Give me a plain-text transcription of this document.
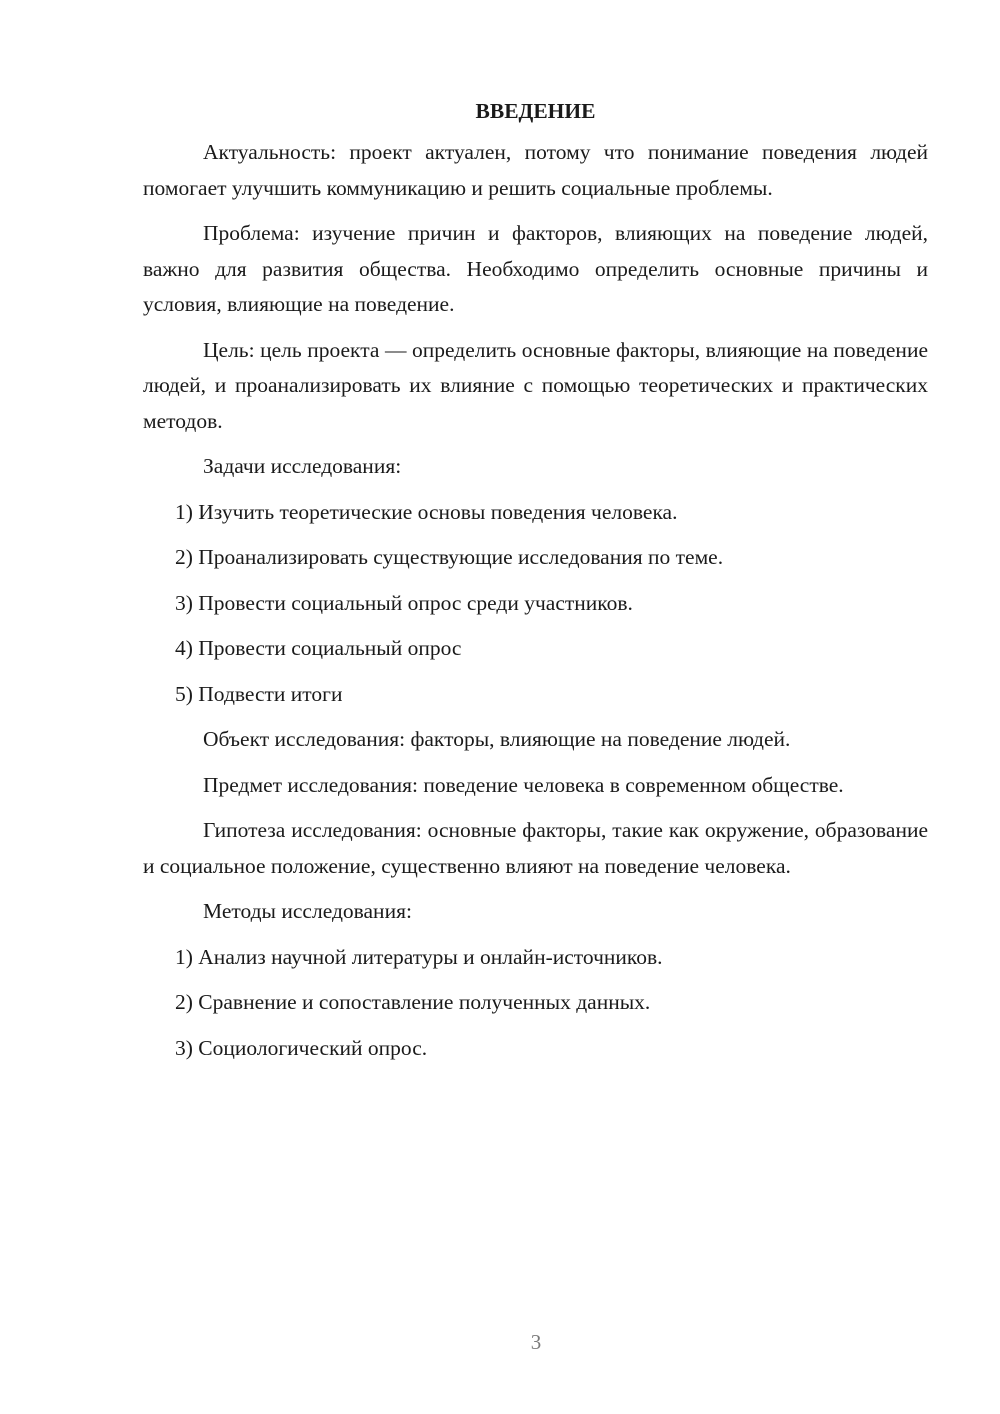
ВВЕДЕНИЕ

Актуальность: проект актуален, потому что понимание поведения людей помогает улучшить коммуникацию и решить социальные проблемы.

Проблема: изучение причин и факторов, влияющих на поведение людей, важно для развития общества. Необходимо определить основные причины и условия, влияющие на поведение.

Цель: цель проекта — определить основные факторы, влияющие на поведение людей, и проанализировать их влияние с помощью теоретических и практических методов.

Задачи исследования:

1) Изучить теоретические основы поведения человека.

2) Проанализировать существующие исследования по теме.

3) Провести социальный опрос среди участников.

4) Провести социальный опрос

5) Подвести итоги

Объект исследования: факторы, влияющие на поведение людей.

Предмет исследования: поведение человека в современном обществе.

Гипотеза исследования: основные факторы, такие как окружение, образование и социальное положение, существенно влияют на поведение человека.

Методы исследования:

1) Анализ научной литературы и онлайн-источников.

2) Сравнение и сопоставление полученных данных.

3) Социологический опрос.

3
